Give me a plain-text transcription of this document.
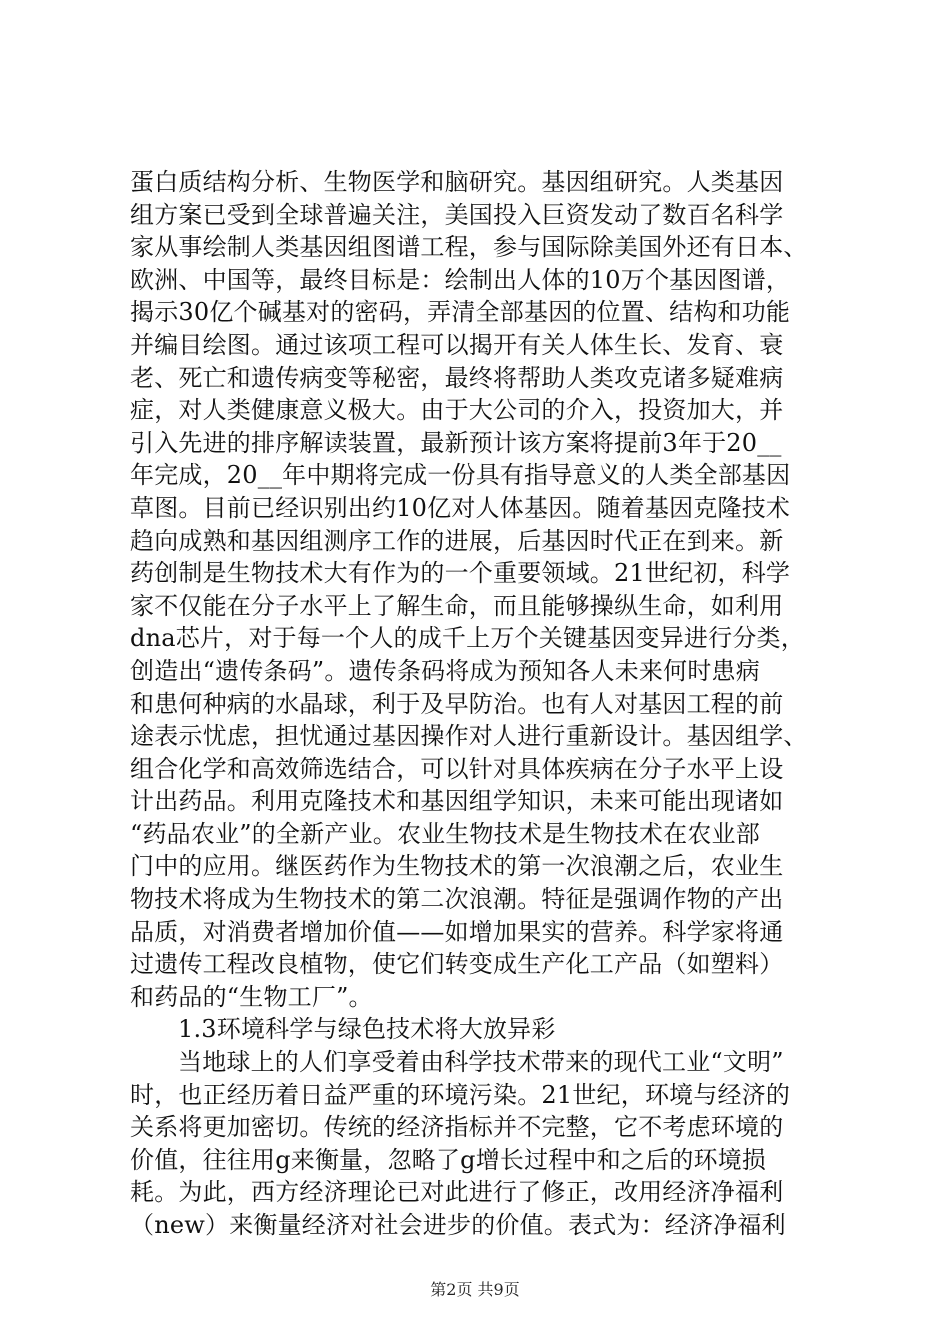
蛋白质结构分析、生物医学和脑研究。基因组研究。人类基因
组方案已受到全球普遍关注，美国投入巨资发动了数百名科学
家从事绘制人类基因组图谱工程，参与国际除美国外还有日本、
欧洲、中国等，最终目标是：绘制出人体的10万个基因图谱，
揭示30亿个碱基对的密码，弄清全部基因的位置、结构和功能
并编目绘图。通过该项工程可以揭开有关人体生长、发育、衰
老、死亡和遗传病变等秘密，最终将帮助人类攻克诸多疑难病
症，对人类健康意义极大。由于大公司的介入，投资加大，并
引入先进的排序解读装置，最新预计该方案将提前3年于20__
年完成，20__年中期将完成一份具有指导意义的人类全部基因
草图。目前已经识别出约10亿对人体基因。随着基因克隆技术
趋向成熟和基因组测序工作的进展，后基因时代正在到来。新
药创制是生物技术大有作为的一个重要领域。21世纪初，科学
家不仅能在分子水平上了解生命，而且能够操纵生命，如利用
dna芯片，对于每一个人的成千上万个关键基因变异进行分类，
创造出“遗传条码”。遗传条码将成为预知各人未来何时患病
和患何种病的水晶球，利于及早防治。也有人对基因工程的前
途表示忧虑，担忧通过基因操作对人进行重新设计。基因组学、
组合化学和高效筛选结合，可以针对具体疾病在分子水平上设
计出药品。利用克隆技术和基因组学知识，未来可能出现诸如
“药品农业”的全新产业。农业生物技术是生物技术在农业部
门中的应用。继医药作为生物技术的第一次浪潮之后，农业生
物技术将成为生物技术的第二次浪潮。特征是强调作物的产出
品质，对消费者增加价值——如增加果实的营养。科学家将通
过遗传工程改良植物，使它们转变成生产化工产品（如塑料）
和药品的“生物工厂”。
1.3环境科学与绿色技术将大放异彩
当地球上的人们享受着由科学技术带来的现代工业“文明”
时，也正经历着日益严重的环境污染。21世纪，环境与经济的
关系将更加密切。传统的经济指标并不完整，它不考虑环境的
价值，往往用g来衡量，忽略了g增长过程中和之后的环境损
耗。为此，西方经济理论已对此进行了修正，改用经济净福利
（new）来衡量经济对社会进步的价值。表式为：经济净福利
第2页 共9页
